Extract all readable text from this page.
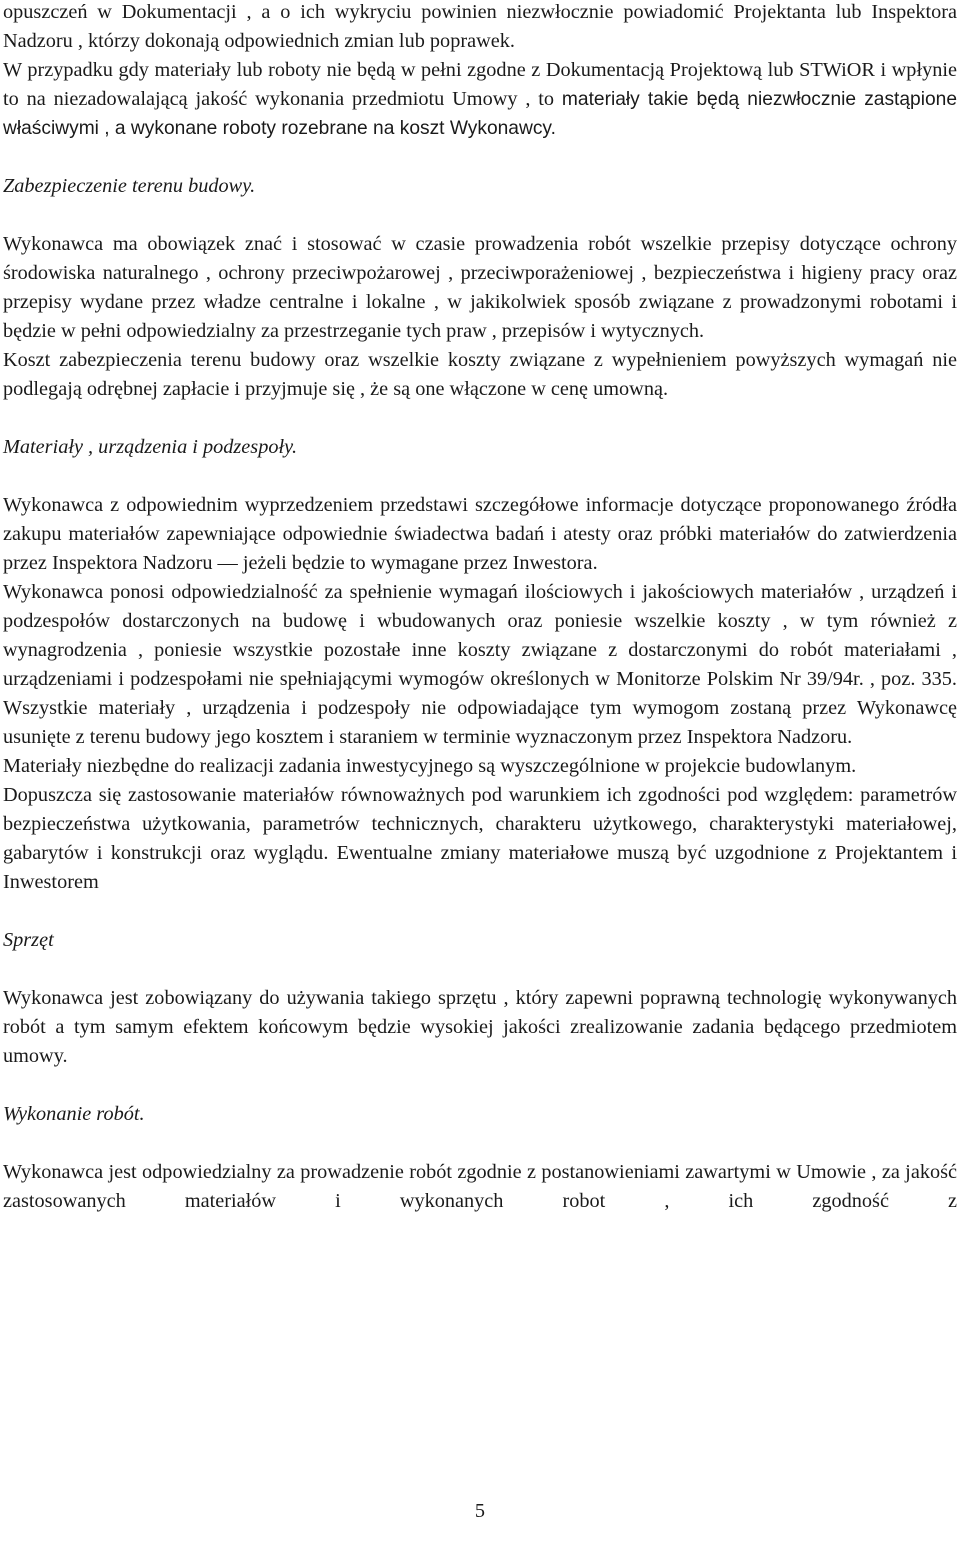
opuszczeń w Dokumentacji , a o ich wykryciu powinien niezwłocznie powiadomić Projektanta lub Inspektora Nadzoru , którzy dokonają odpowiednich zmian lub poprawek.

W przypadku gdy materiały lub roboty nie będą w pełni zgodne z Dokumentacją Projektową lub STWiOR i wpłynie to na niezadowalającą jakość wykonania przedmiotu Umowy , to materiały takie będą niezwłocznie zastąpione właściwymi , a wykonane roboty rozebrane na koszt Wykonawcy.

Zabezpieczenie terenu budowy.

Wykonawca ma obowiązek znać i stosować w czasie prowadzenia robót wszelkie przepisy dotyczące ochrony środowiska naturalnego , ochrony przeciwpożarowej , przeciwporażeniowej , bezpieczeństwa i higieny pracy oraz przepisy wydane przez władze centralne i lokalne , w jakikolwiek sposób związane z prowadzonymi robotami i będzie w pełni odpowiedzialny za przestrzeganie tych praw , przepisów i wytycznych.

Koszt zabezpieczenia terenu budowy oraz wszelkie koszty związane z wypełnieniem powyższych wymagań nie podlegają odrębnej zapłacie i przyjmuje się , że są one włączone w cenę umowną.

Materiały , urządzenia i podzespoły.

Wykonawca z odpowiednim wyprzedzeniem przedstawi szczegółowe informacje dotyczące proponowanego źródła zakupu materiałów zapewniające odpowiednie świadectwa badań i atesty oraz próbki materiałów do zatwierdzenia przez Inspektora Nadzoru — jeżeli będzie to wymagane przez Inwestora.

Wykonawca ponosi odpowiedzialność za spełnienie wymagań ilościowych i jakościowych materiałów , urządzeń i podzespołów dostarczonych na budowę i wbudowanych oraz poniesie wszelkie koszty , w tym również z wynagrodzenia , poniesie wszystkie pozostałe inne koszty związane z dostarczonymi do robót materiałami , urządzeniami i podzespołami nie spełniającymi wymogów określonych w Monitorze Polskim Nr 39/94r. , poz. 335. Wszystkie materiały , urządzenia i podzespoły nie odpowiadające tym wymogom zostaną przez Wykonawcę usunięte z terenu budowy jego kosztem i staraniem w terminie wyznaczonym przez Inspektora Nadzoru.

Materiały niezbędne do realizacji zadania inwestycyjnego są wyszczególnione w projekcie budowlanym.

Dopuszcza się zastosowanie materiałów równoważnych pod warunkiem ich zgodności pod względem: parametrów bezpieczeństwa użytkowania, parametrów technicznych, charakteru użytkowego, charakterystyki materiałowej, gabarytów i konstrukcji oraz wyglądu. Ewentualne zmiany materiałowe muszą być uzgodnione z Projektantem i Inwestorem

Sprzęt

Wykonawca jest zobowiązany do używania takiego sprzętu , który zapewni poprawną technologię wykonywanych robót a tym samym efektem końcowym będzie wysokiej jakości zrealizowanie zadania będącego przedmiotem umowy.

Wykonanie robót.

Wykonawca jest odpowiedzialny za prowadzenie robót zgodnie z postanowieniami zawartymi w Umowie , za jakość zastosowanych materiałów i wykonanych robot , ich zgodność z

5
